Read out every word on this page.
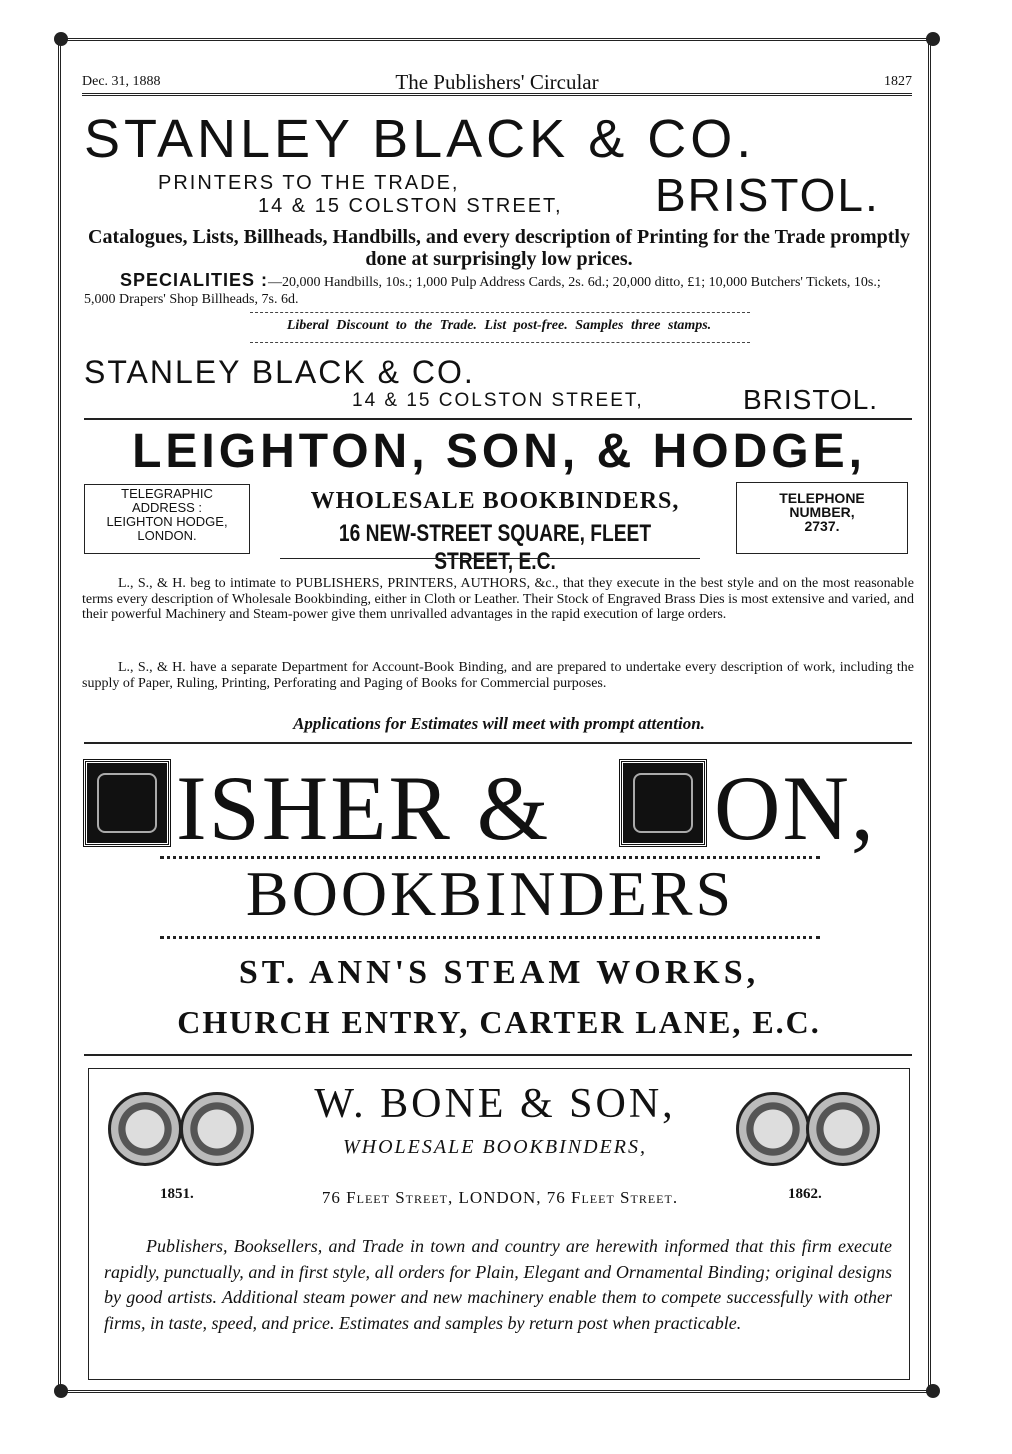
Dec. 31, 1888	The Publishers' Circular	1827
STANLEY BLACK & CO.
PRINTERS TO THE TRADE,
14 & 15 COLSTON STREET, BRISTOL.
Catalogues, Lists, Billheads, Handbills, and every description of Printing for the Trade promptly done at surprisingly low prices.
SPECIALITIES :—20,000 Handbills, 10s.; 1,000 Pulp Address Cards, 2s. 6d.; 20,000 ditto, £1; 10,000 Butchers' Tickets, 10s.; 5,000 Drapers' Shop Billheads, 7s. 6d.
Liberal Discount to the Trade. List post-free. Samples three stamps.
STANLEY BLACK & CO.
14 & 15 COLSTON STREET,	BRISTOL.
LEIGHTON, SON, & HODGE,
TELEGRAPHIC
ADDRESS :
LEIGHTON HODGE,
LONDON.
WHOLESALE BOOKBINDERS,
16 NEW-STREET SQUARE, FLEET STREET, E.C.
TELEPHONE
NUMBER,
2737.
L., S., & H. beg to intimate to PUBLISHERS, PRINTERS, AUTHORS, &c., that they execute in the best style and on the most reasonable terms every description of Wholesale Bookbinding, either in Cloth or Leather. Their Stock of Engraved Brass Dies is most extensive and varied, and their powerful Machinery and Steam-power give them unrivalled advantages in the rapid execution of large orders.
L., S., & H. have a separate Department for Account-Book Binding, and are prepared to undertake every description of work, including the supply of Paper, Ruling, Printing, Perforating and Paging of Books for Commercial purposes.
Applications for Estimates will meet with prompt attention.
ISHER & ON,
BOOKBINDERS
ST. ANN'S STEAM WORKS,
CHURCH ENTRY, CARTER LANE, E.C.
W. BONE & SON,
WHOLESALE BOOKBINDERS,
1851.	1862.
76 Fleet Street, LONDON, 76 Fleet Street.
Publishers, Booksellers, and Trade in town and country are herewith informed that this firm execute rapidly, punctually, and in first style, all orders for Plain, Elegant and Ornamental Binding; original designs by good artists. Additional steam power and new machinery enable them to compete successfully with other firms, in taste, speed, and price. Estimates and samples by return post when practicable.
